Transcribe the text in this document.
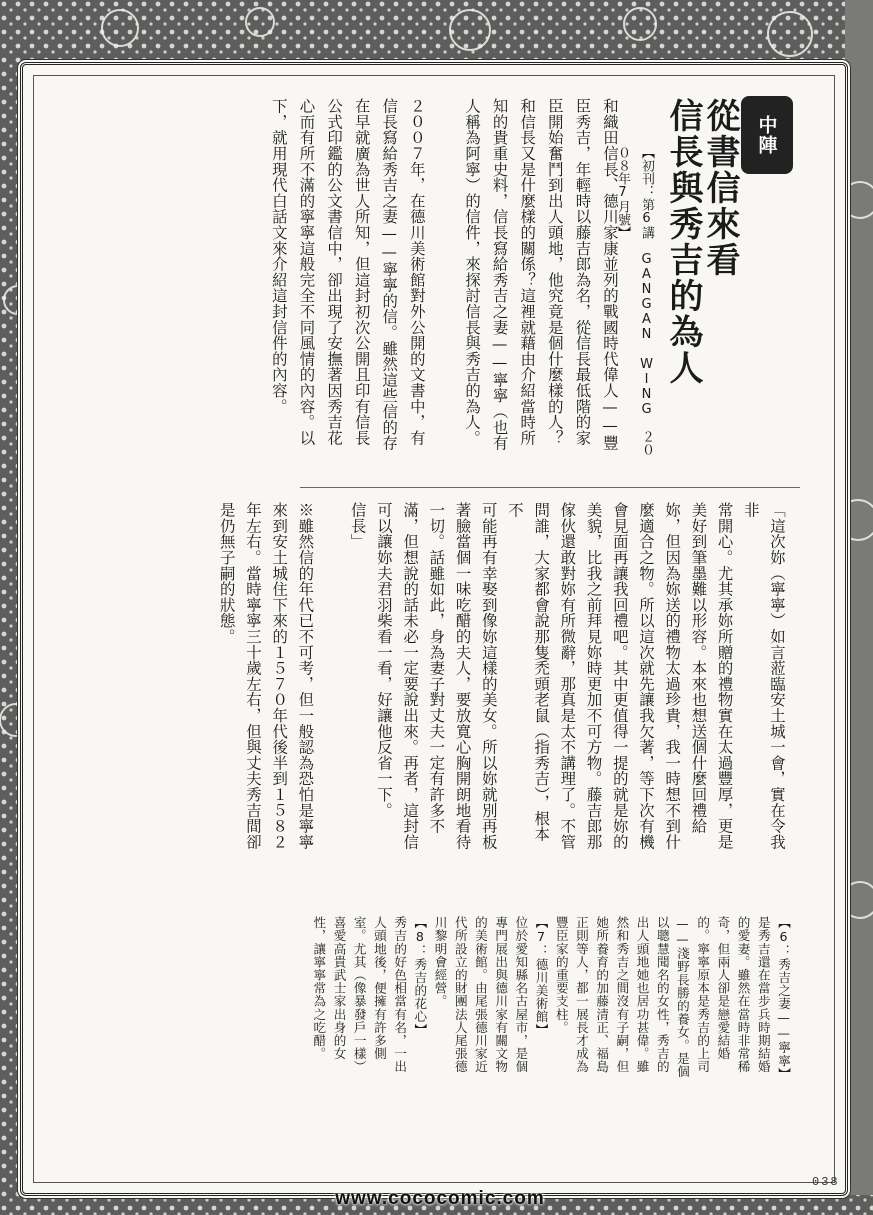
中陣
從書信來看
信長與秀吉的為人
【初刊：第6講　GANGAN WING　２００８年7月號】
和織田信長、德川家康並列的戰國時代偉人——豐
臣秀吉，年輕時以藤吉郎為名，從信長最低階的家
臣開始奮鬥到出人頭地，他究竟是個什麼樣的人？
和信長又是什麼樣的關係？這裡就藉由介紹當時所
知的貴重史料，信長寫給秀吉之妻——寧寧（也有
人稱為阿寧）的信件，來探討信長與秀吉的為人。

２００７年，在德川美術館對外公開的文書中，有
信長寫給秀吉之妻——寧寧的信。雖然這些信的存
在早就廣為世人所知，但這封初次公開且印有信長
公式印鑑的公文書信中，卻出現了安撫著因秀吉花
心而有所不滿的寧寧這般完全不同風情的內容。以
下，就用現代白話文來介紹這封信件的內容。
「這次妳（寧寧）如言蒞臨安土城一會，實在令我非
常開心。尤其承妳所贈的禮物實在太過豐厚，更是
美好到筆墨難以形容。本來也想送個什麼回禮給
妳，但因為妳送的禮物太過珍貴，我一時想不到什
麼適合之物。所以這次就先讓我欠著，等下次有機
會見面再讓我回禮吧。其中更值得一提的就是妳的
美貌，比我之前拜見妳時更加不可方物。藤吉郎那
傢伙還敢對妳有所微辭，那真是太不講理了。不管
問誰，大家都會說那隻禿頭老鼠（指秀吉），根本不
可能再有幸娶到像妳這樣的美女。所以妳就別再板
著臉當個一味吃醋的夫人，要放寬心胸開朗地看待
一切。話雖如此，身為妻子對丈夫一定有許多不
滿，但想說的話未必一定要說出來。再者，這封信
可以讓妳夫君羽柴看一看，好讓他反省一下。
信長」

※雖然信的年代已不可考，但一般認為恐怕是寧寧
來到安土城住下來的１５７０年代後半到１５８２
年左右。當時寧寧三十歲左右，但與丈夫秀吉間卻
是仍無子嗣的狀態。
【6：秀吉之妻——寧寧】
是秀吉還在當步兵時期結婚
的愛妻。雖然在當時非常稀
奇，但兩人卻是戀愛結婚
的。寧寧原本是秀吉的上司
——淺野長勝的養女。是個
以聰慧聞名的女性，秀吉的
出人頭地她也居功甚偉。雖
然和秀吉之間沒有子嗣，但
她所養育的加藤清正、福島
正則等人，都一展長才成為
豐臣家的重要支柱。
【7：德川美術館】
位於愛知縣名古屋市，是個
專門展出與德川家有關文物
的美術館。由尾張德川家近
代所設立的財團法人尾張德
川黎明會經營。
【8：秀吉的花心】
秀吉的好色相當有名，一出
人頭地後，便擁有許多側
室。尤其（像暴發戶一樣）
喜愛高貴武士家出身的女
性，讓寧寧常為之吃醋。
www.cococomic.com
038
